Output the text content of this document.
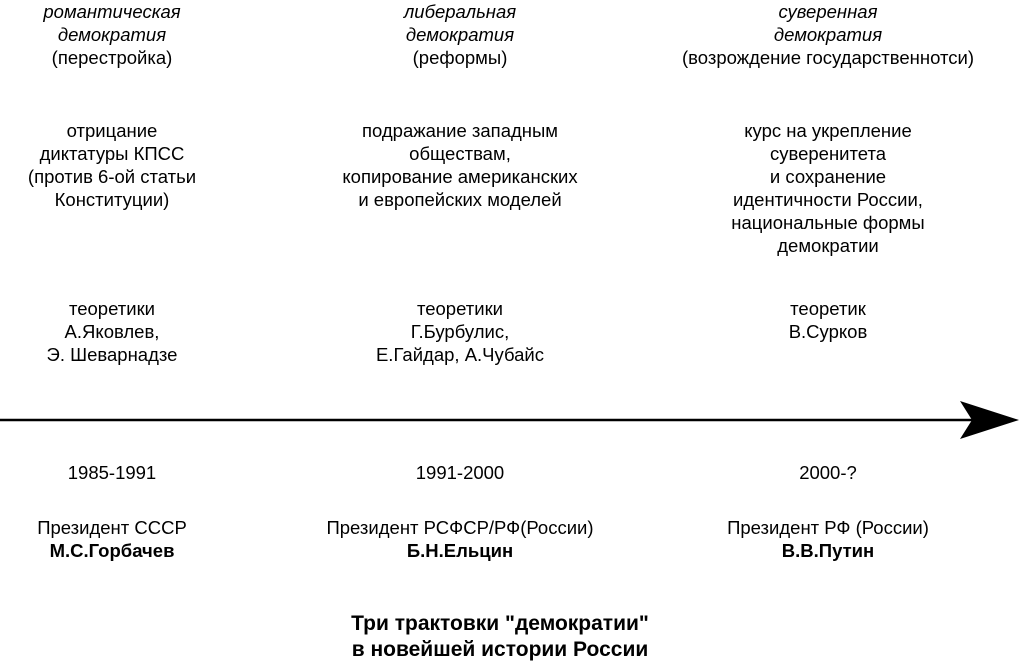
романтическая
демократия
(перестройка)
отрицание
диктатуры КПСС
(против 6-ой статьи
Конституции)
теоретики
А.Яковлев,
Э. Шеварнадзе
1985-1991
Президент СССР
М.С.Горбачев
либеральная
демократия
(реформы)
подражание западным
обществам,
копирование американских
и европейских моделей
теоретики
Г.Бурбулис,
Е.Гайдар, А.Чубайс
1991-2000
Президент РСФСР/РФ(России)
Б.Н.Ельцин
суверенная
демократия
(возрождение государственнотси)
курс на укрепление
суверенитета
и сохранение
идентичности России,
национальные формы
демократии
теоретик
В.Сурков
2000-?
Президент РФ (России)
В.В.Путин
Три трактовки "демократии"
в новейшей истории России
